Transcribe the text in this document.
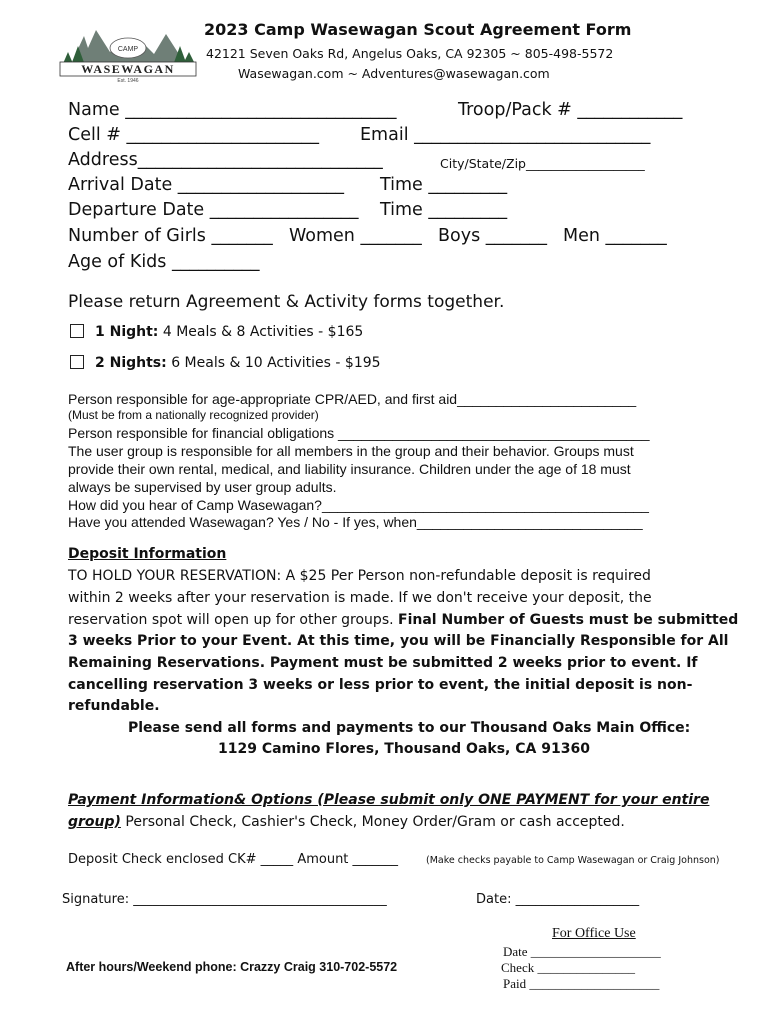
CAMP
WASEWAGAN
Est. 1946
2023 Camp Wasewagan Scout Agreement Form
42121 Seven Oaks Rd, Angelus Oaks, CA 92305 ~ 805-498-5572
Wasewagan.com ~ Adventures@wasewagan.com
Name _______________________________	Troop/Pack # ____________
Cell # ______________________ Email ___________________________
Address____________________________	City/State/Zip___________________
Arrival Date ___________________ Time _________
Departure Date _________________ Time _________
Number of Girls _______ Women _______ Boys _______ Men _______
Age of Kids __________
Please return Agreement & Activity forms together.
1 Night: 4 Meals & 8 Activities - $165
2 Nights: 6 Meals & 10 Activities - $195
Person responsible for age-appropriate CPR/AED, and first aid_______________________
(Must be from a nationally recognized provider)
Person responsible for financial obligations ________________________________________
The user group is responsible for all members in the group and their behavior. Groups must
provide their own rental, medical, and liability insurance. Children under the age of 18 must
always be supervised by user group adults.
How did you hear of Camp Wasewagan?__________________________________________
Have you attended Wasewagan? Yes / No - If yes, when_____________________________
Deposit Information
TO HOLD YOUR RESERVATION: A $25 Per Person non-refundable deposit is required
within 2 weeks after your reservation is made. If we don't receive your deposit, the
reservation spot will open up for other groups. Final Number of Guests must be submitted
3 weeks Prior to your Event. At this time, you will be Financially Responsible for All
Remaining Reservations. Payment must be submitted 2 weeks prior to event. If
cancelling reservation 3 weeks or less prior to event, the initial deposit is non-
refundable.
Please send all forms and payments to our Thousand Oaks Main Office:
1129 Camino Flores, Thousand Oaks, CA 91360
Payment Information& Options (Please submit only ONE PAYMENT for your entire
group) Personal Check, Cashier's Check, Money Order/Gram or cash accepted.
Deposit Check enclosed CK# _____ Amount _______	(Make checks payable to Camp Wasewagan or Craig Johnson)
Signature: _______________________________________	Date: ___________________
After hours/Weekend phone: Crazzy Craig 310-702-5572
For Office Use
Date ____________________
Check _______________
Paid ____________________
